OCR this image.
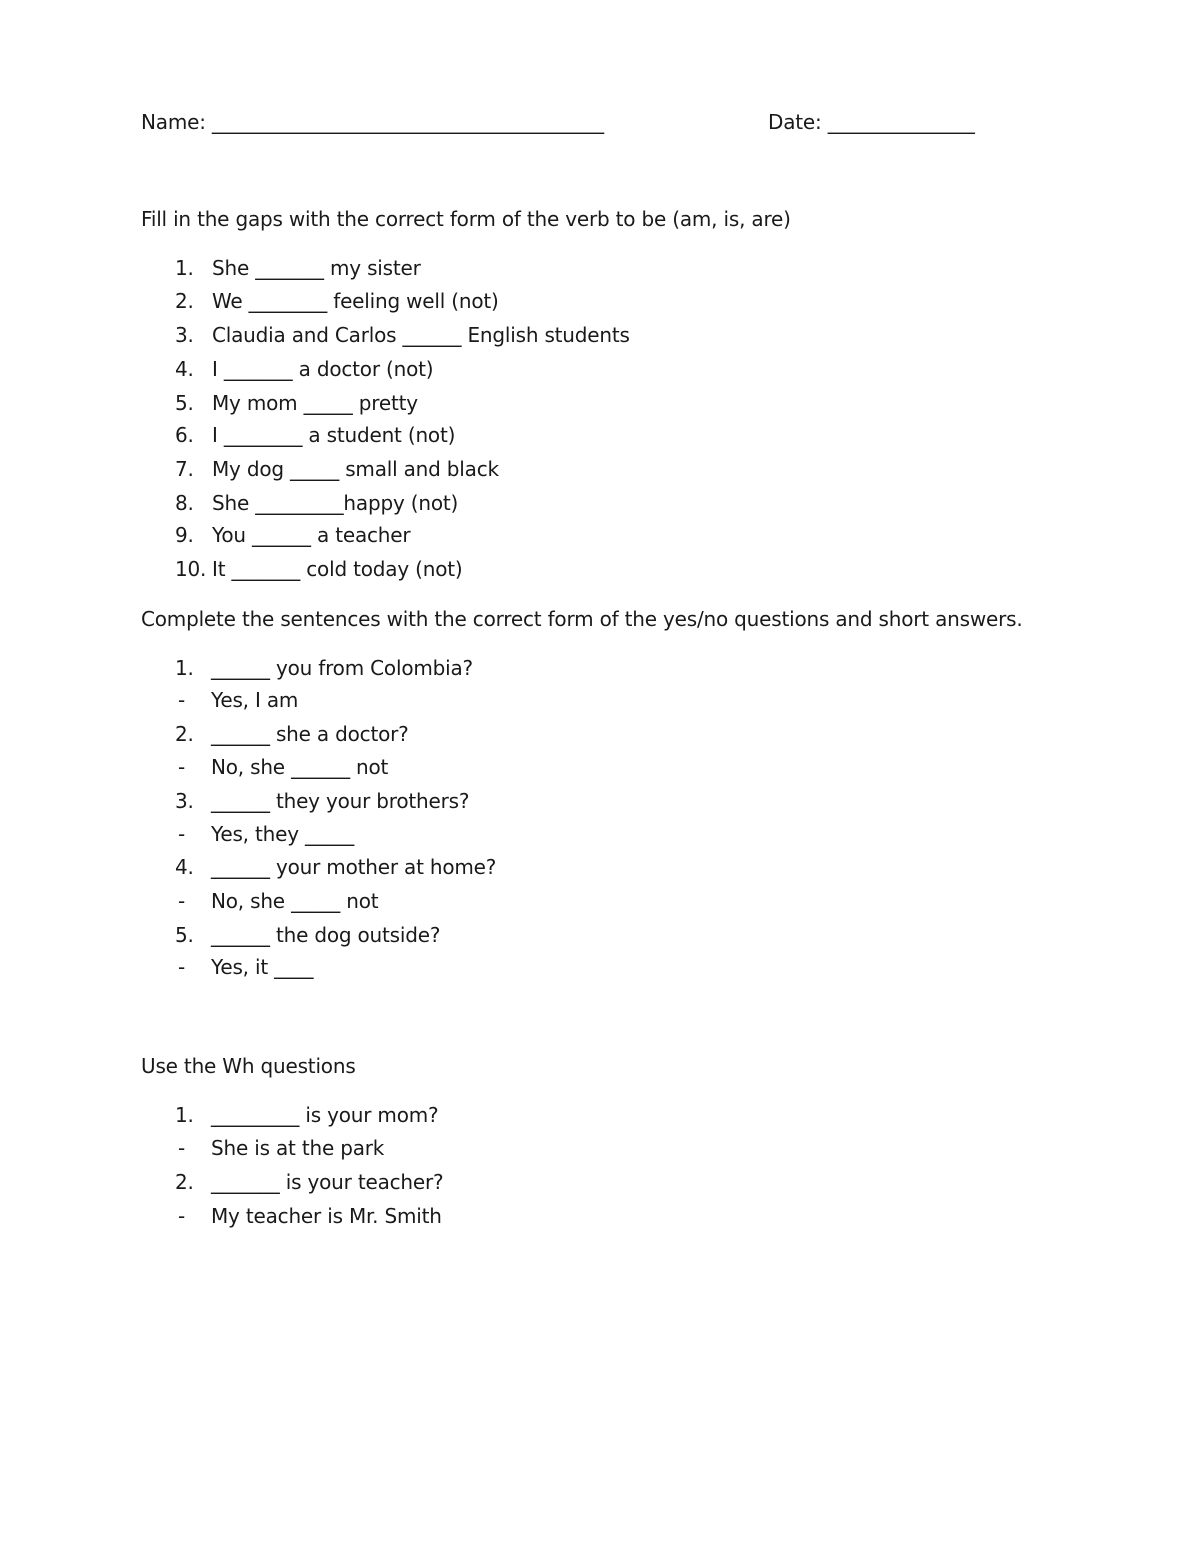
Name: ________________________________________	Date: _______________
Fill in the gaps with the correct form of the verb to be (am, is, are)
1. She _______ my sister
2. We ________ feeling well (not)
3. Claudia and Carlos ______ English students
4. I _______ a doctor (not)
5. My mom _____ pretty
6. I ________ a student (not)
7. My dog _____ small and black
8. She _________happy (not)
9. You ______ a teacher
10. It _______ cold today (not)
Complete the sentences with the correct form of the yes/no questions and short answers.
1. ______ you from Colombia?
-	Yes, I am
2. ______ she a doctor?
-	No, she ______ not
3. ______ they your brothers?
-	Yes, they _____
4. ______ your mother at home?
-	No, she _____ not
5. ______ the dog outside?
-	Yes, it ____
Use the Wh questions
1. _________ is your mom?
-	She is at the park
2. _______ is your teacher?
-	My teacher is Mr. Smith
